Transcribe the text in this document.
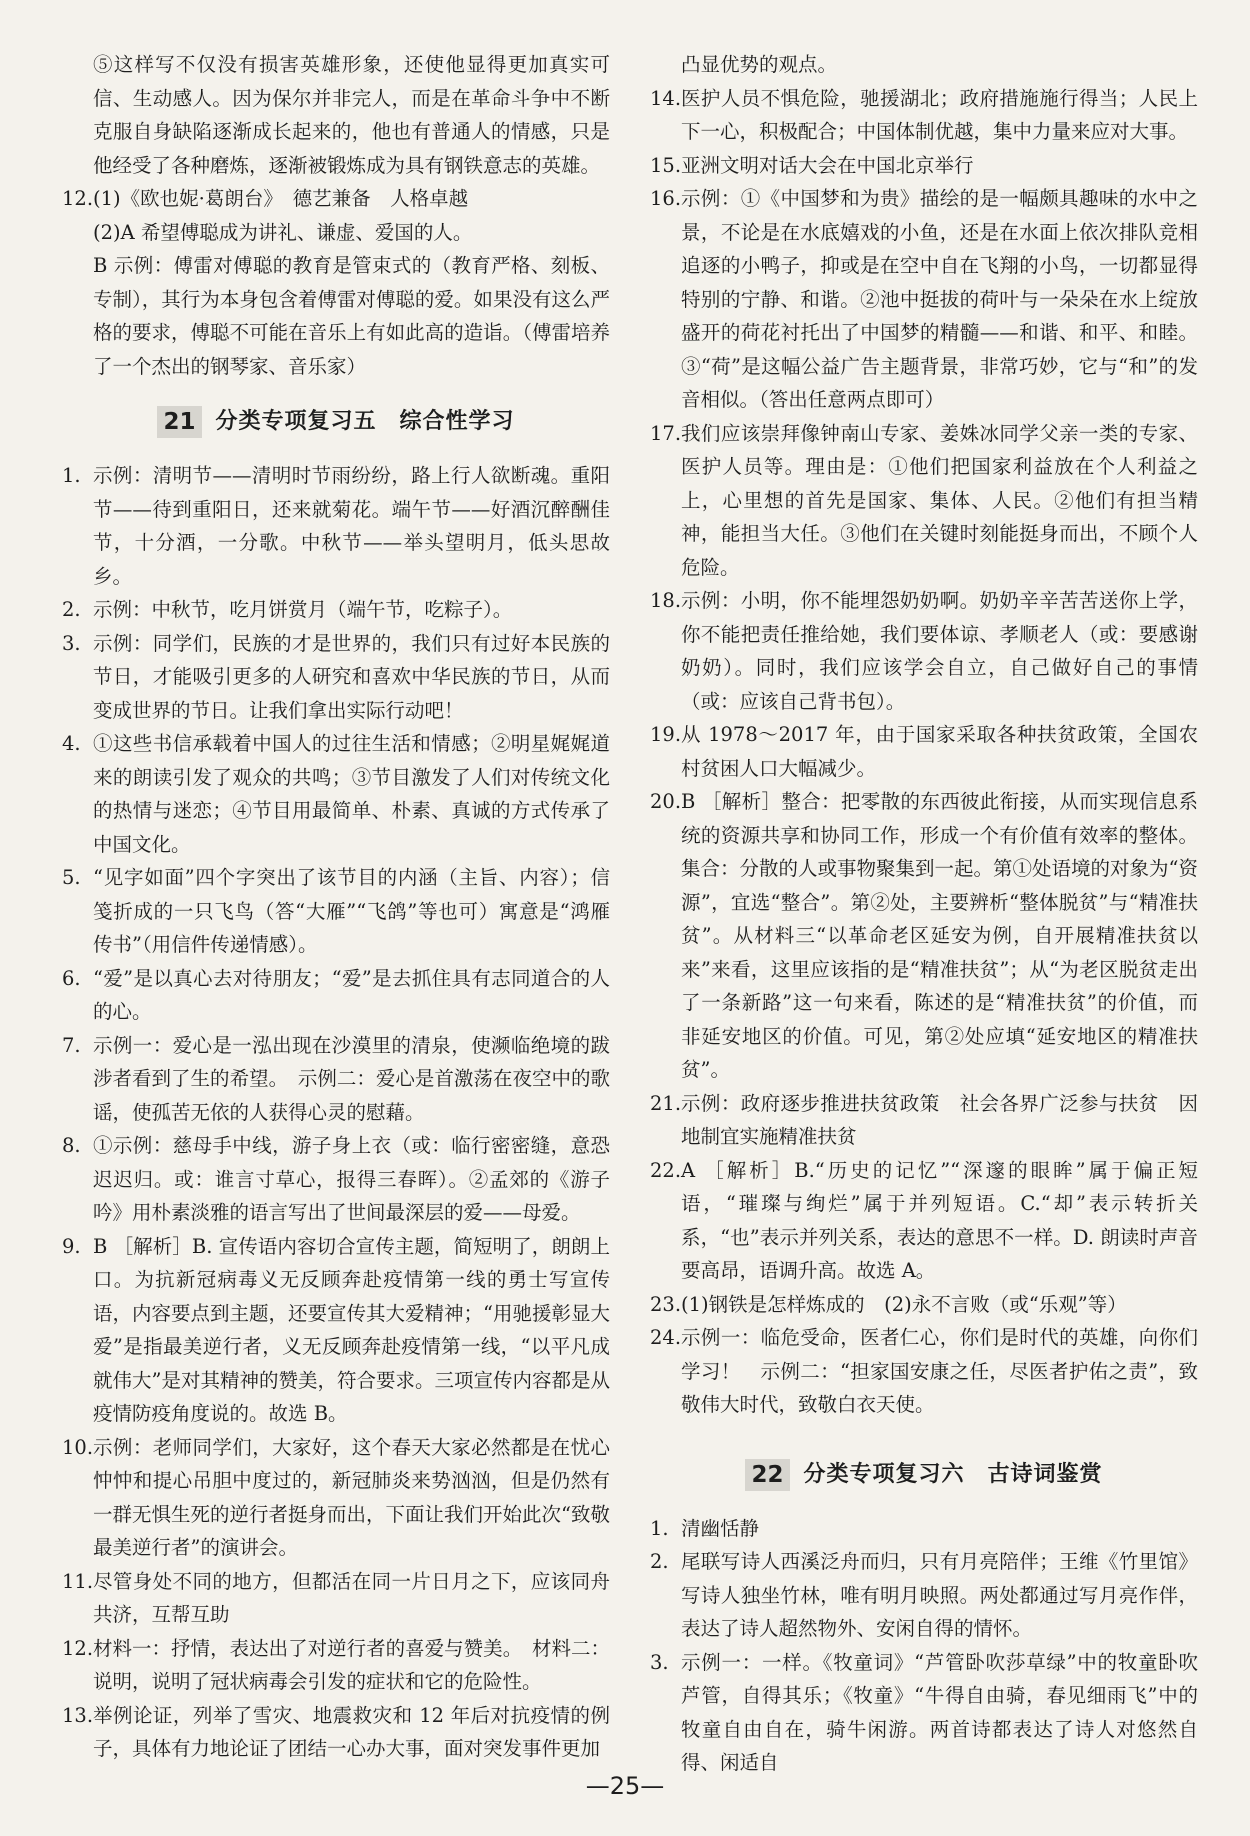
⑤这样写不仅没有损害英雄形象，还使他显得更加真实可信、生动感人。因为保尔并非完人，而是在革命斗争中不断克服自身缺陷逐渐成长起来的，他也有普通人的情感，只是他经受了各种磨炼，逐渐被锻炼成为具有钢铁意志的英雄。
12. (1)《欧也妮·葛朗台》　德艺兼备　人格卓越
(2)A 希望傅聪成为讲礼、谦虚、爱国的人。
B 示例：傅雷对傅聪的教育是管束式的（教育严格、刻板、专制），其行为本身包含着傅雷对傅聪的爱。如果没有这么严格的要求，傅聪不可能在音乐上有如此高的造诣。（傅雷培养了一个杰出的钢琴家、音乐家）
21 分类专项复习五　综合性学习
1. 示例：清明节——清明时节雨纷纷，路上行人欲断魂。重阳节——待到重阳日，还来就菊花。端午节——好酒沉醉酬佳节，十分酒，一分歌。中秋节——举头望明月，低头思故乡。
2. 示例：中秋节，吃月饼赏月（端午节，吃粽子）。
3. 示例：同学们，民族的才是世界的，我们只有过好本民族的节日，才能吸引更多的人研究和喜欢中华民族的节日，从而变成世界的节日。让我们拿出实际行动吧！
4. ①这些书信承载着中国人的过往生活和情感；②明星娓娓道来的朗读引发了观众的共鸣；③节目激发了人们对传统文化的热情与迷恋；④节目用最简单、朴素、真诚的方式传承了中国文化。
5. “见字如面”四个字突出了该节目的内涵（主旨、内容）；信笺折成的一只飞鸟（答“大雁”“飞鸽”等也可）寓意是“鸿雁传书”（用信件传递情感）。
6. “爱”是以真心去对待朋友；“爱”是去抓住具有志同道合的人的心。
7. 示例一：爱心是一泓出现在沙漠里的清泉，使濒临绝境的跋涉者看到了生的希望。　示例二：爱心是首激荡在夜空中的歌谣，使孤苦无依的人获得心灵的慰藉。
8. ①示例：慈母手中线，游子身上衣（或：临行密密缝，意恐迟迟归。或：谁言寸草心，报得三春晖）。②孟郊的《游子吟》用朴素淡雅的语言写出了世间最深层的爱——母爱。
9. B ［解析］B. 宣传语内容切合宣传主题，简短明了，朗朗上口。为抗新冠病毒义无反顾奔赴疫情第一线的勇士写宣传语，内容要点到主题，还要宣传其大爱精神；“用驰援彰显大爱”是指最美逆行者，义无反顾奔赴疫情第一线，“以平凡成就伟大”是对其精神的赞美，符合要求。三项宣传内容都是从疫情防疫角度说的。故选 B。
10. 示例：老师同学们，大家好，这个春天大家必然都是在忧心忡忡和提心吊胆中度过的，新冠肺炎来势汹汹，但是仍然有一群无惧生死的逆行者挺身而出，下面让我们开始此次“致敬最美逆行者”的演讲会。
11. 尽管身处不同的地方，但都活在同一片日月之下，应该同舟共济，互帮互助
12. 材料一：抒情，表达出了对逆行者的喜爱与赞美。　材料二：说明，说明了冠状病毒会引发的症状和它的危险性。
13. 举例论证，列举了雪灾、地震救灾和 12 年后对抗疫情的例子，具体有力地论证了团结一心办大事，面对突发事件更加
凸显优势的观点。
14. 医护人员不惧危险，驰援湖北；政府措施施行得当；人民上下一心，积极配合；中国体制优越，集中力量来应对大事。
15. 亚洲文明对话大会在中国北京举行
16. 示例：①《中国梦和为贵》描绘的是一幅颇具趣味的水中之景，不论是在水底嬉戏的小鱼，还是在水面上依次排队竞相追逐的小鸭子，抑或是在空中自在飞翔的小鸟，一切都显得特别的宁静、和谐。②池中挺拔的荷叶与一朵朵在水上绽放盛开的荷花衬托出了中国梦的精髓——和谐、和平、和睦。③“荷”是这幅公益广告主题背景，非常巧妙，它与“和”的发音相似。（答出任意两点即可）
17. 我们应该崇拜像钟南山专家、姜姝冰同学父亲一类的专家、医护人员等。理由是：①他们把国家利益放在个人利益之上，心里想的首先是国家、集体、人民。②他们有担当精神，能担当大任。③他们在关键时刻能挺身而出，不顾个人危险。
18. 示例：小明，你不能埋怨奶奶啊。奶奶辛辛苦苦送你上学，你不能把责任推给她，我们要体谅、孝顺老人（或：要感谢奶奶）。同时，我们应该学会自立，自己做好自己的事情（或：应该自己背书包）。
19. 从 1978～2017 年，由于国家采取各种扶贫政策，全国农村贫困人口大幅减少。
20. B ［解析］整合：把零散的东西彼此衔接，从而实现信息系统的资源共享和协同工作，形成一个有价值有效率的整体。集合：分散的人或事物聚集到一起。第①处语境的对象为“资源”，宜选“整合”。第②处，主要辨析“整体脱贫”与“精准扶贫”。从材料三“以革命老区延安为例，自开展精准扶贫以来”来看，这里应该指的是“精准扶贫”；从“为老区脱贫走出了一条新路”这一句来看，陈述的是“精准扶贫”的价值，而非延安地区的价值。可见，第②处应填“延安地区的精准扶贫”。
21. 示例：政府逐步推进扶贫政策　社会各界广泛参与扶贫　因地制宜实施精准扶贫
22. A ［解析］B.“历史的记忆”“深邃的眼眸”属于偏正短语，“璀璨与绚烂”属于并列短语。C.“却”表示转折关系，“也”表示并列关系，表达的意思不一样。D. 朗读时声音要高昂，语调升高。故选 A。
23. (1)钢铁是怎样炼成的　(2)永不言败（或“乐观”等）
24. 示例一：临危受命，医者仁心，你们是时代的英雄，向你们学习！　示例二：“担家国安康之任，尽医者护佑之责”，致敬伟大时代，致敬白衣天使。
22 分类专项复习六　古诗词鉴赏
1. 清幽恬静
2. 尾联写诗人西溪泛舟而归，只有月亮陪伴；王维《竹里馆》写诗人独坐竹林，唯有明月映照。两处都通过写月亮作伴，表达了诗人超然物外、安闲自得的情怀。
3. 示例一：一样。《牧童词》“芦管卧吹莎草绿”中的牧童卧吹芦管，自得其乐；《牧童》“牛得自由骑，春见细雨飞”中的牧童自由自在，骑牛闲游。两首诗都表达了诗人对悠然自得、闲适自
—25—
